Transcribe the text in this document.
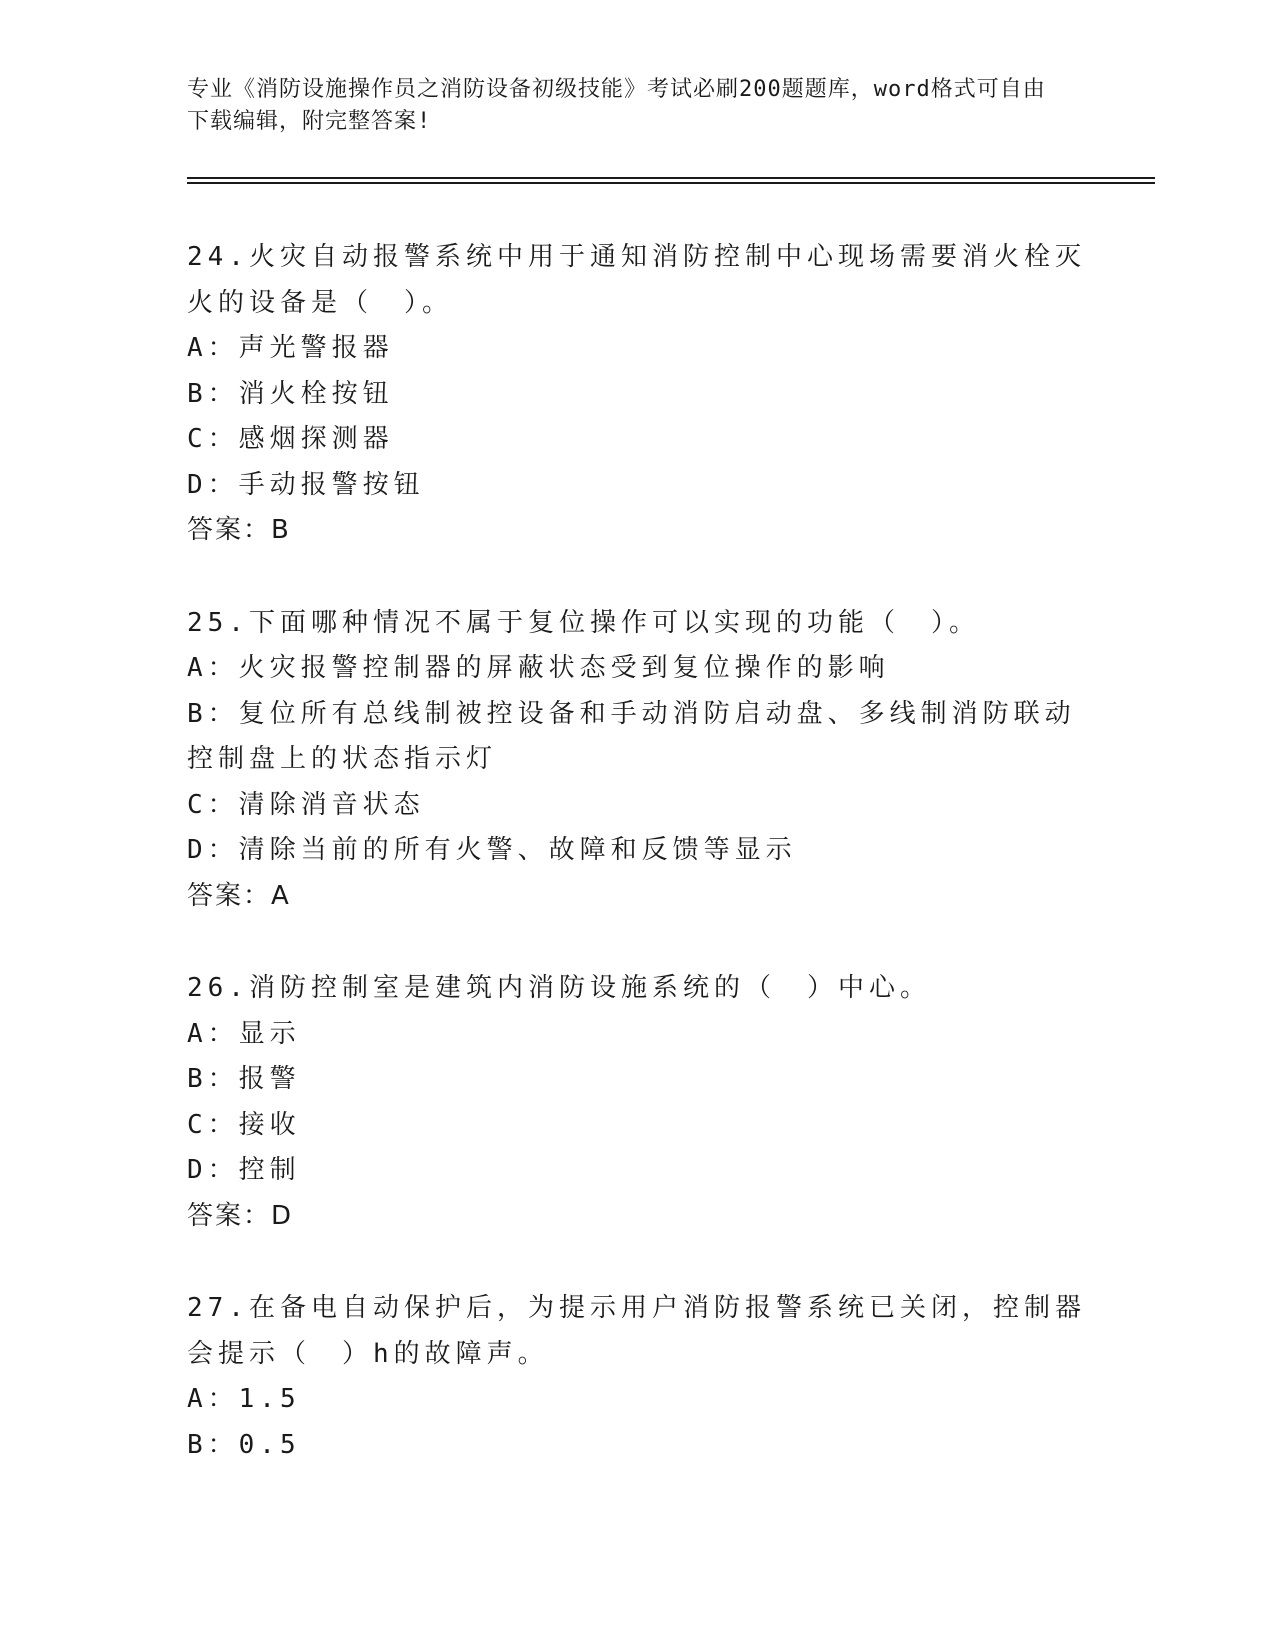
专业《消防设施操作员之消防设备初级技能》考试必刷200题题库，word格式可自由下载编辑，附完整答案!
24.火灾自动报警系统中用于通知消防控制中心现场需要消火栓灭火的设备是（　）。
A：声光警报器
B：消火栓按钮
C：感烟探测器
D：手动报警按钮
答案：B
25.下面哪种情况不属于复位操作可以实现的功能（　）。
A：火灾报警控制器的屏蔽状态受到复位操作的影响
B：复位所有总线制被控设备和手动消防启动盘、多线制消防联动控制盘上的状态指示灯
C：清除消音状态
D：清除当前的所有火警、故障和反馈等显示
答案：A
26.消防控制室是建筑内消防设施系统的（　）中心。
A：显示
B：报警
C：接收
D：控制
答案：D
27.在备电自动保护后，为提示用户消防报警系统已关闭，控制器会提示（　）h的故障声。
A：1.5
B：0.5
